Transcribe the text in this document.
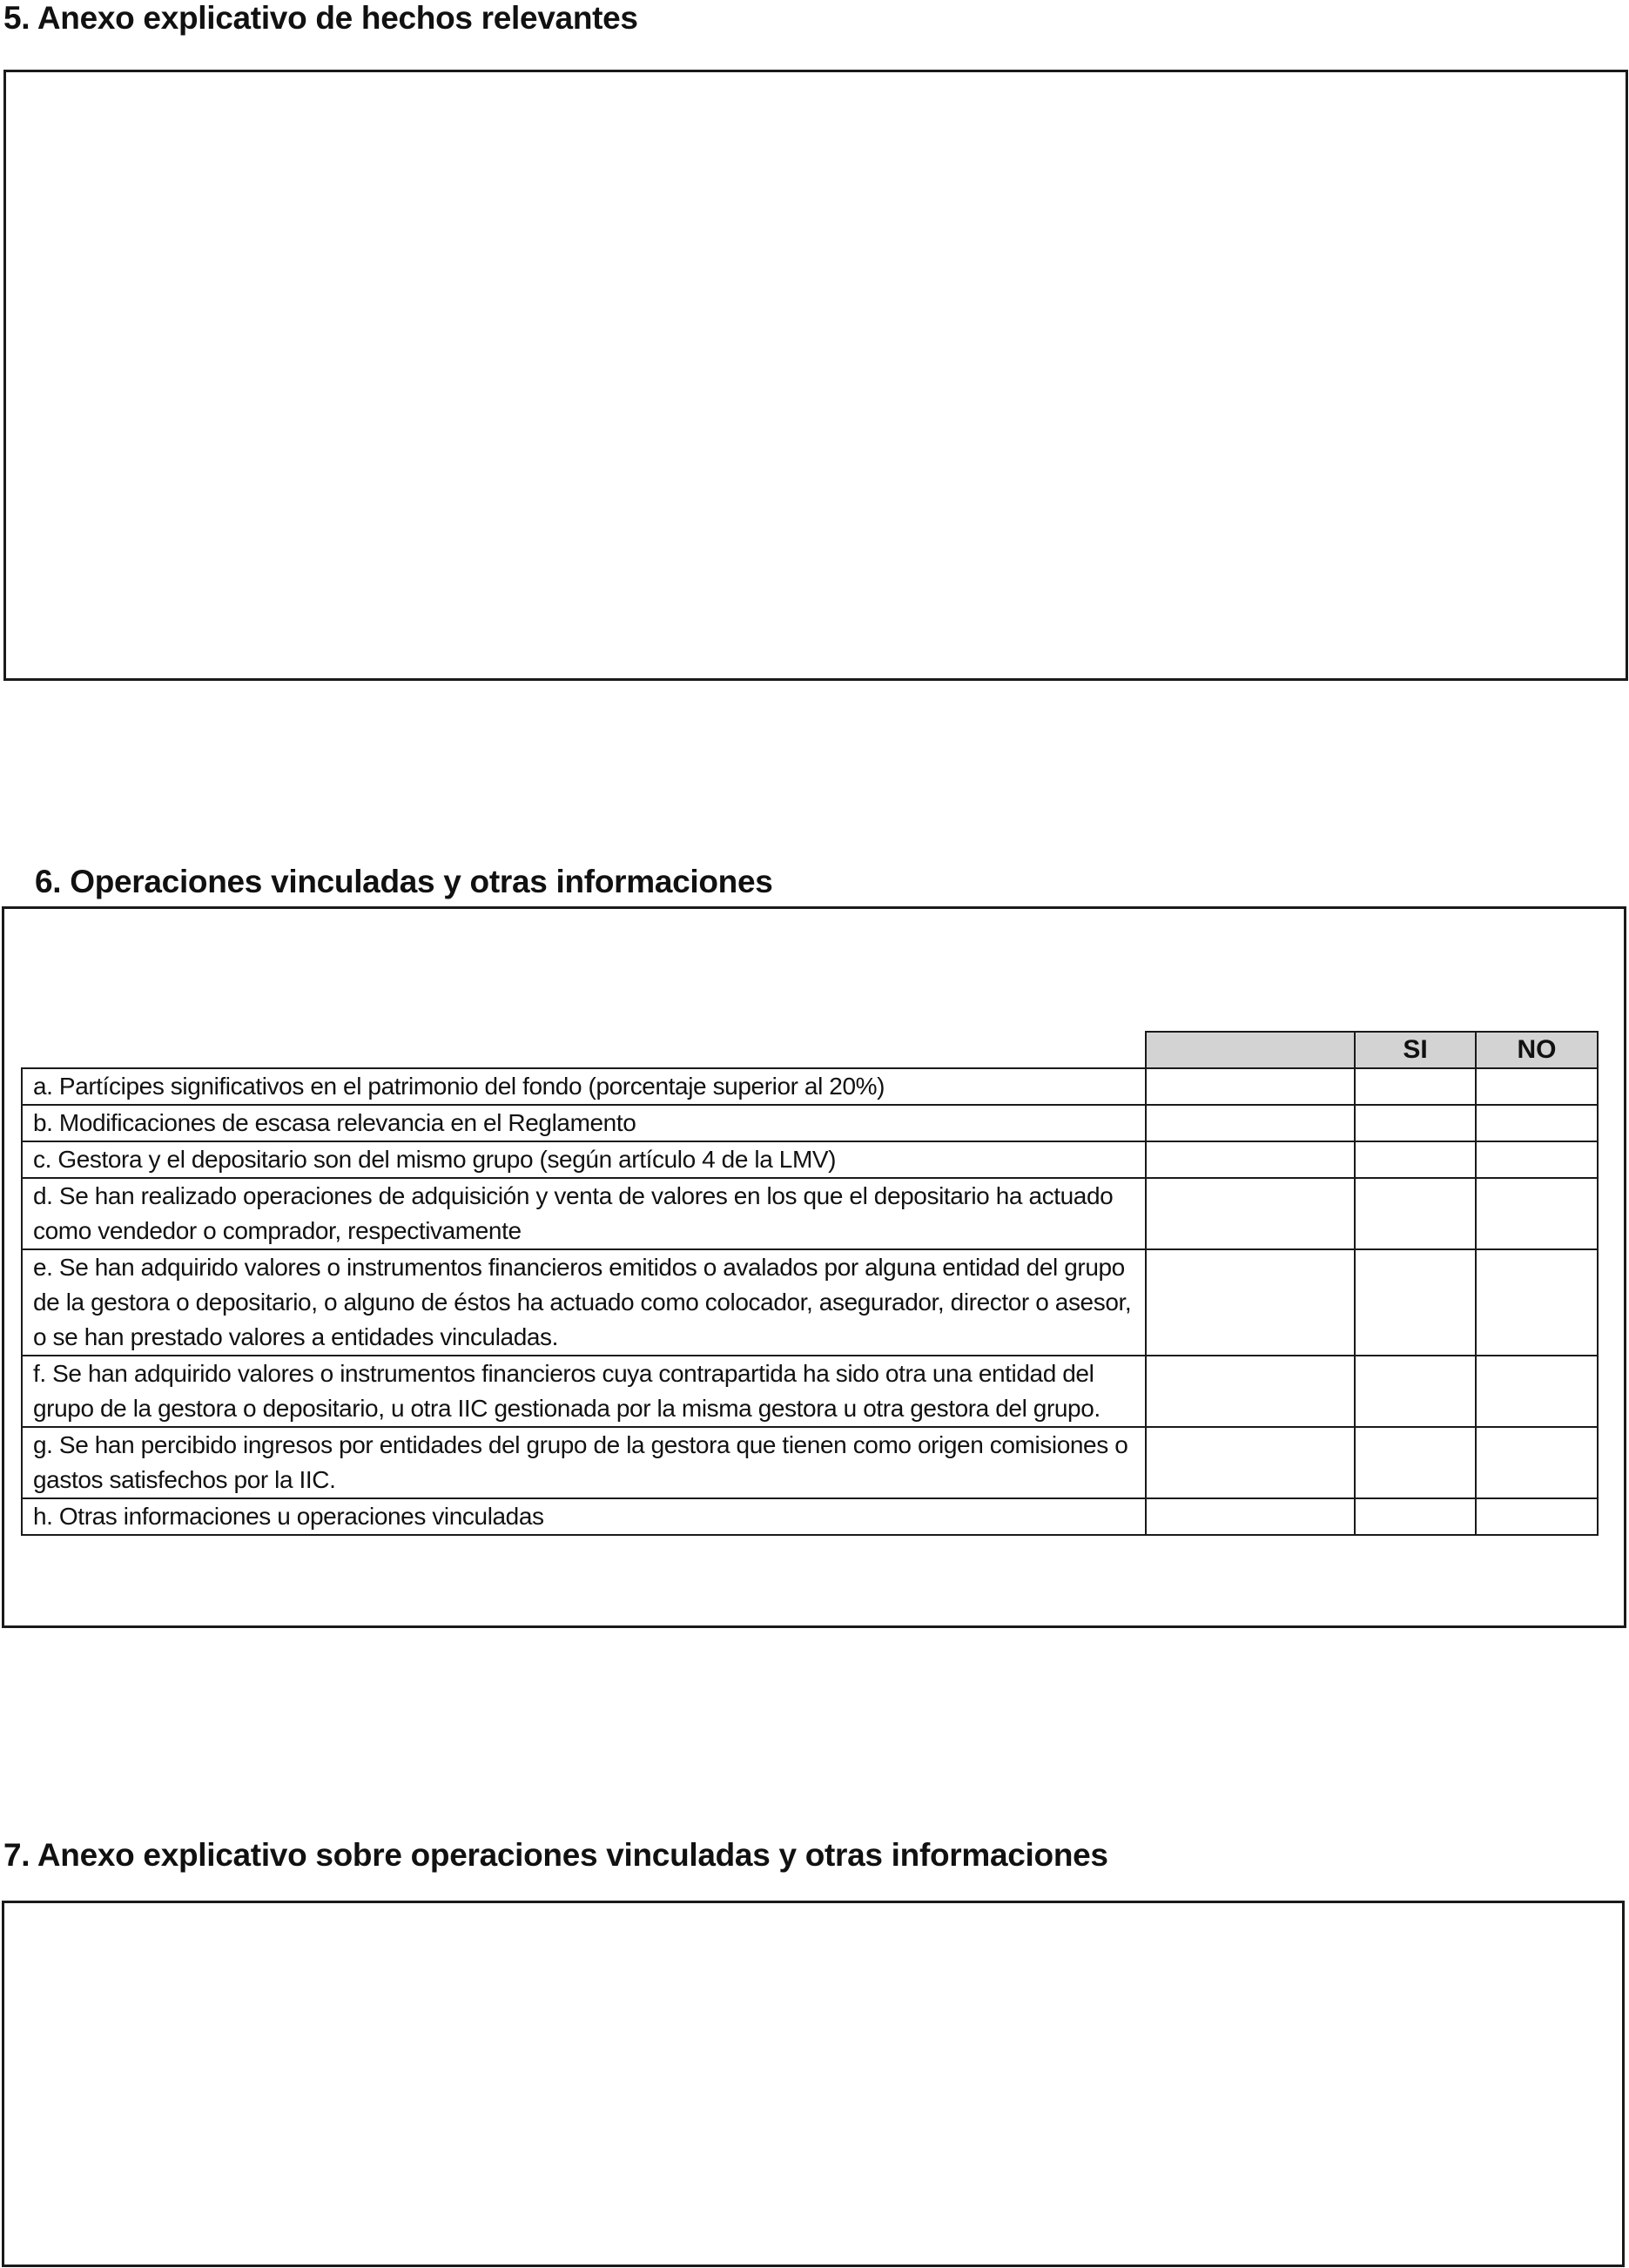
5. Anexo explicativo de hechos relevantes
6. Operaciones vinculadas y otras informaciones
		SI	NO
a. Partícipes significativos en el patrimonio del fondo (porcentaje superior al 20%)			
b. Modificaciones de escasa relevancia en el Reglamento			
c. Gestora y el depositario son del mismo grupo (según artículo 4 de la LMV)			
d. Se han realizado operaciones de adquisición y venta de valores en los que el depositario ha actuado como vendedor o comprador, respectivamente			
e. Se han adquirido valores o instrumentos financieros emitidos o avalados por alguna entidad del grupo de la gestora o depositario, o alguno de éstos ha actuado como colocador, asegurador, director o asesor, o se han prestado valores a entidades vinculadas.			
f. Se han adquirido valores o instrumentos financieros cuya contrapartida ha sido otra una entidad del grupo de la gestora o depositario, u otra IIC gestionada por la misma gestora u otra gestora del grupo.			
g. Se han percibido ingresos por entidades del grupo de la gestora que tienen como origen comisiones o gastos satisfechos por la IIC.			
h. Otras informaciones u operaciones vinculadas			
7. Anexo explicativo sobre operaciones vinculadas y otras informaciones
